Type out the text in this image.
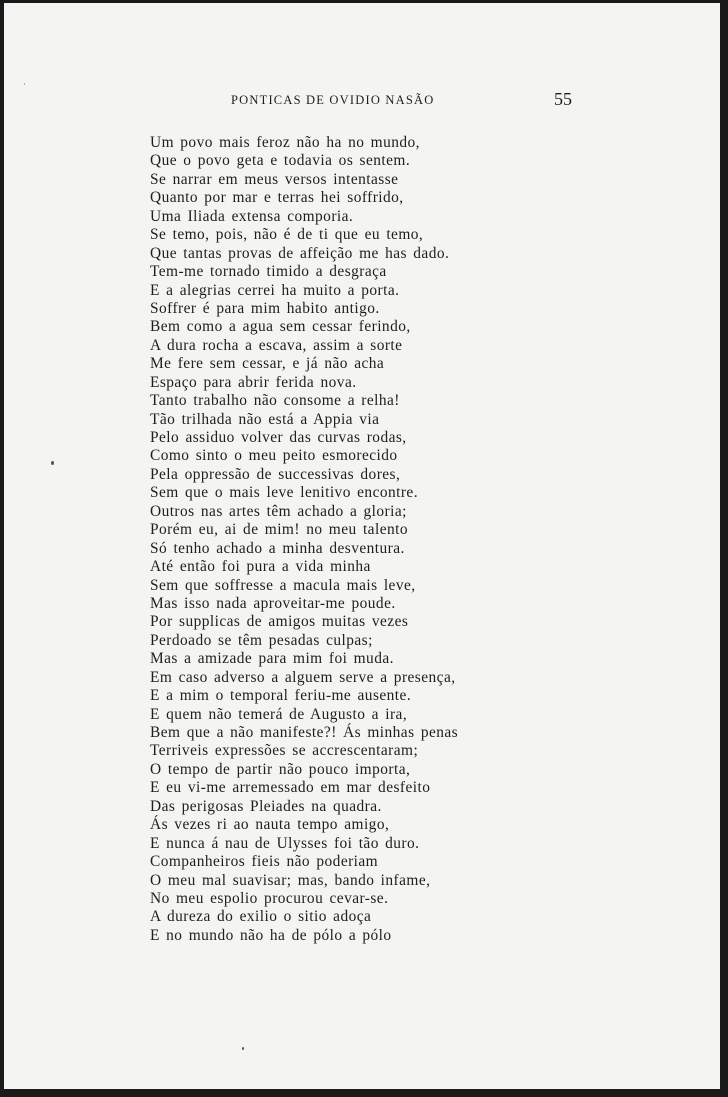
PONTICAS DE OVIDIO NASÃO	55
Um povo mais feroz não ha no mundo,
Que o povo geta e todavia os sentem.
Se narrar em meus versos intentasse
Quanto por mar e terras hei soffrido,
Uma Iliada extensa comporia.
Se temo, pois, não é de ti que eu temo,
Que tantas provas de affeição me has dado.
Tem-me tornado timido a desgraça
E a alegrias cerrei ha muito a porta.
Soffrer é para mim habito antigo.
Bem como a agua sem cessar ferindo,
A dura rocha a escava, assim a sorte
Me fere sem cessar, e já não acha
Espaço para abrir ferida nova.
Tanto trabalho não consome a relha!
Tão trilhada não está a Appia via
Pelo assiduo volver das curvas rodas,
Como sinto o meu peito esmorecido
Pela oppressão de successivas dores,
Sem que o mais leve lenitivo encontre.
Outros nas artes têm achado a gloria;
Porém eu, ai de mim! no meu talento
Só tenho achado a minha desventura.
Até então foi pura a vida minha
Sem que soffresse a macula mais leve,
Mas isso nada aproveitar-me poude.
Por supplicas de amigos muitas vezes
Perdoado se têm pesadas culpas;
Mas a amizade para mim foi muda.
Em caso adverso a alguem serve a presença,
E a mim o temporal feriu-me ausente.
E quem não temerá de Augusto a ira,
Bem que a não manifeste?! Ás minhas penas
Terriveis expressões se accrescentaram;
O tempo de partir não pouco importa,
E eu vi-me arremessado em mar desfeito
Das perigosas Pleiades na quadra.
Ás vezes ri ao nauta tempo amigo,
E nunca á nau de Ulysses foi tão duro.
Companheiros fieis não poderiam
O meu mal suavisar; mas, bando infame,
No meu espolio procurou cevar-se.
A dureza do exilio o sitio adoça
E no mundo não ha de pólo a pólo
